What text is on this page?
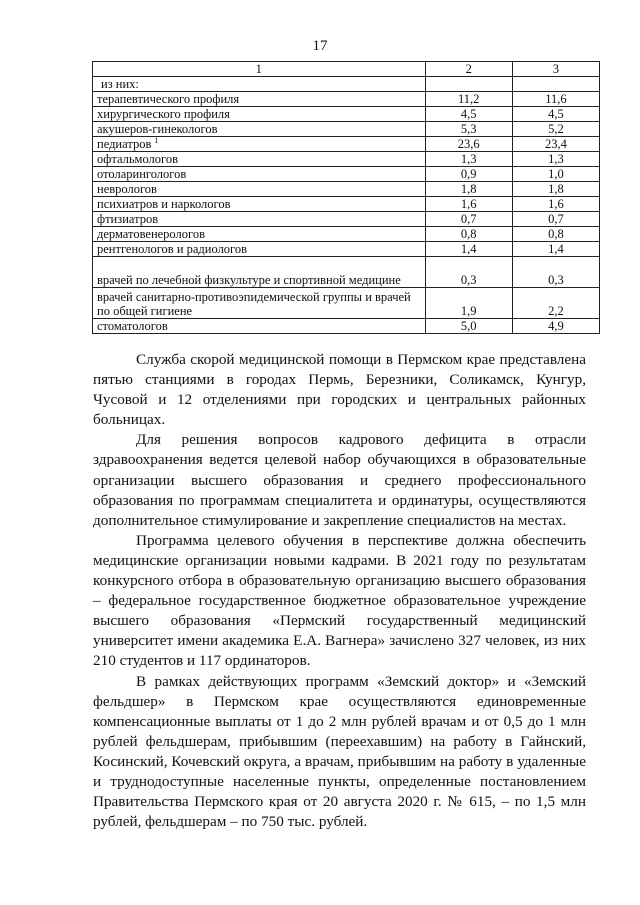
17
1	2	3
из них:		
терапевтического профиля	11,2	11,6
хирургического профиля	4,5	4,5
акушеров-гинекологов	5,3	5,2
педиатров $^1$	23,6	23,4
офтальмологов	1,3	1,3
отоларингологов	0,9	1,0
неврологов	1,8	1,8
психиатров и наркологов	1,6	1,6
фтизиатров	0,7	0,7
дерматовенерологов	0,8	0,8
рентгенологов и радиологов	1,4	1,4
врачей по лечебной физкультуре и спортивной медицине	0,3	0,3
врачей санитарно-противоэпидемической группы и врачей по общей гигиене	1,9	2,2
стоматологов	5,0	4,9

Служба скорой медицинской помощи в Пермском крае представлена пятью станциями в городах Пермь, Березники, Соликамск, Кунгур, Чусовой и 12 отделениями при городских и центральных районных больницах.

Для решения вопросов кадрового дефицита в отрасли здравоохранения ведется целевой набор обучающихся в образовательные организации высшего образования и среднего профессионального образования по программам специалитета и ординатуры, осуществляются дополнительное стимулирование и закрепление специалистов на местах.

Программа целевого обучения в перспективе должна обеспечить медицинские организации новыми кадрами. В 2021 году по результатам конкурсного отбора в образовательную организацию высшего образования – федеральное государственное бюджетное образовательное учреждение высшего образования «Пермский государственный медицинский университет имени академика Е.А. Вагнера» зачислено 327 человек, из них 210 студентов и 117 ординаторов.

В рамках действующих программ «Земский доктор» и «Земский фельдшер» в Пермском крае осуществляются единовременные компенсационные выплаты от 1 до 2 млн рублей врачам и от 0,5 до 1 млн рублей фельдшерам, прибывшим (переехавшим) на работу в Гайнский, Косинский, Кочевский округа, а врачам, прибывшим на работу в удаленные и труднодоступные населенные пункты, определенные постановлением Правительства Пермского края от 20 августа 2020 г. № 615, – по 1,5 млн рублей, фельдшерам – по 750 тыс. рублей.
